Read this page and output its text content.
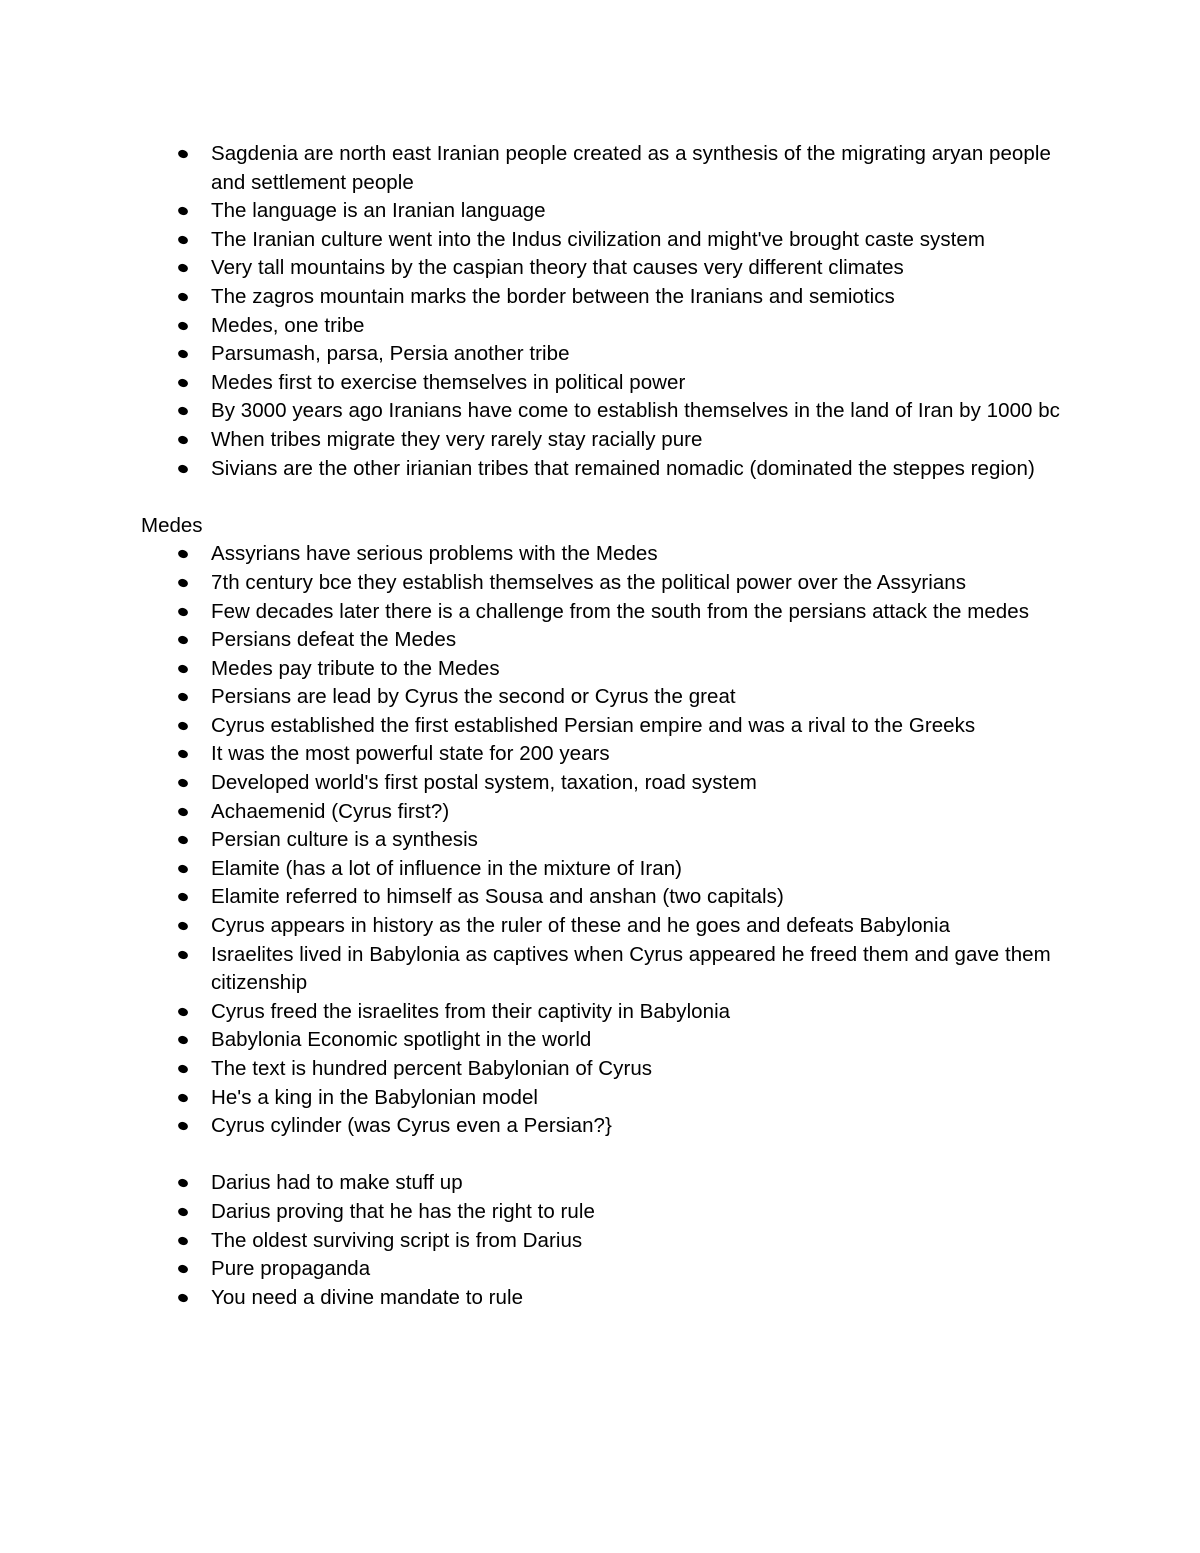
Sagdenia are north east Iranian people created as a synthesis of the migrating aryan people and settlement people
The language is an Iranian language
The Iranian culture went into the Indus civilization and might've brought caste system
Very tall mountains by the caspian theory that causes very different climates
The zagros mountain marks the border between the Iranians and semiotics
Medes, one tribe
Parsumash, parsa, Persia another tribe
Medes first to exercise themselves in political power
By 3000 years ago Iranians have come to establish themselves in the land of Iran by 1000 bc
When tribes migrate they very rarely stay racially pure
Sivians are the other irianian tribes that remained nomadic (dominated the steppes region)

Medes

Assyrians have serious problems with the Medes
7th century bce they establish themselves as the political power over the Assyrians
Few decades later there is a challenge from the south from the persians attack the medes
Persians defeat the Medes
Medes pay tribute to the Medes
Persians are lead by Cyrus the second or Cyrus the great
Cyrus established the first established Persian empire and was a rival to the Greeks
It was the most powerful state for 200 years
Developed world's first postal system, taxation, road system
Achaemenid (Cyrus first?)
Persian culture is a synthesis
Elamite (has a lot of influence in the mixture of Iran)
Elamite referred to himself as Sousa and anshan (two capitals)
Cyrus appears in history as the ruler of these and he goes and defeats Babylonia
Israelites lived in Babylonia as captives when Cyrus appeared he freed them and gave them citizenship
Cyrus freed the israelites from their captivity in Babylonia
Babylonia Economic spotlight in the world
The text is hundred percent Babylonian of Cyrus
He's a king in the Babylonian model
Cyrus cylinder (was Cyrus even a Persian?}
Darius had to make stuff up
Darius proving that he has the right to rule
The oldest surviving script is from Darius
Pure propaganda
You need a divine mandate to rule
